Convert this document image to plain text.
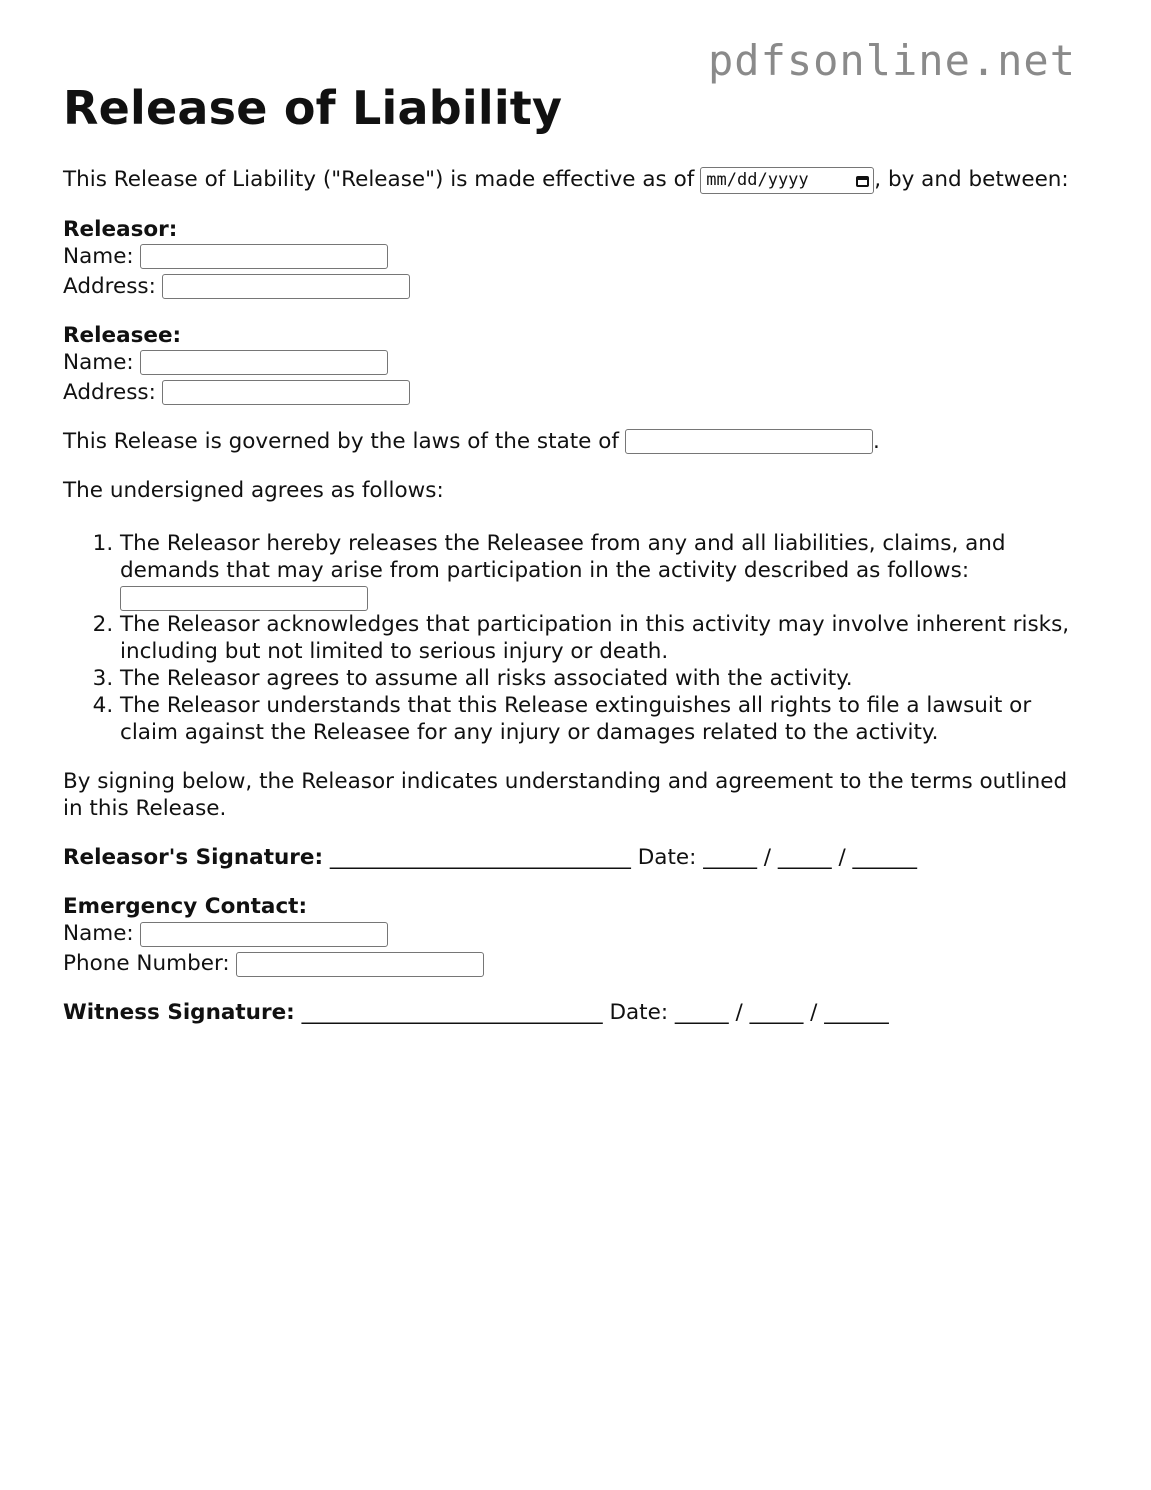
pdfsonline.net
Release of Liability

This Release of Liability ("Release") is made effective as of mm/dd/yyyy	, by and between:

Releasor:
Name:
Address:
Releasee:
Name:
Address:

This Release is governed by the laws of the state of	.

The undersigned agrees as follows:

1. The Releasor hereby releases the Releasee from any and all liabilities, claims, and demands that may arise from participation in the activity described as follows:

2. The Releasor acknowledges that participation in this activity may involve inherent risks, including but not limited to serious injury or death.
3. The Releasor agrees to assume all risks associated with the activity.
4. The Releasor understands that this Release extinguishes all rights to file a lawsuit or claim against the Releasee for any injury or damages related to the activity.

By signing below, the Releasor indicates understanding and agreement to the terms outlined in this Release.

Releasor's Signature: ____________________________ Date: _____ / _____ / ______

Emergency Contact:
Name:
Phone Number:

Witness Signature: ____________________________ Date: _____ / _____ / ______
